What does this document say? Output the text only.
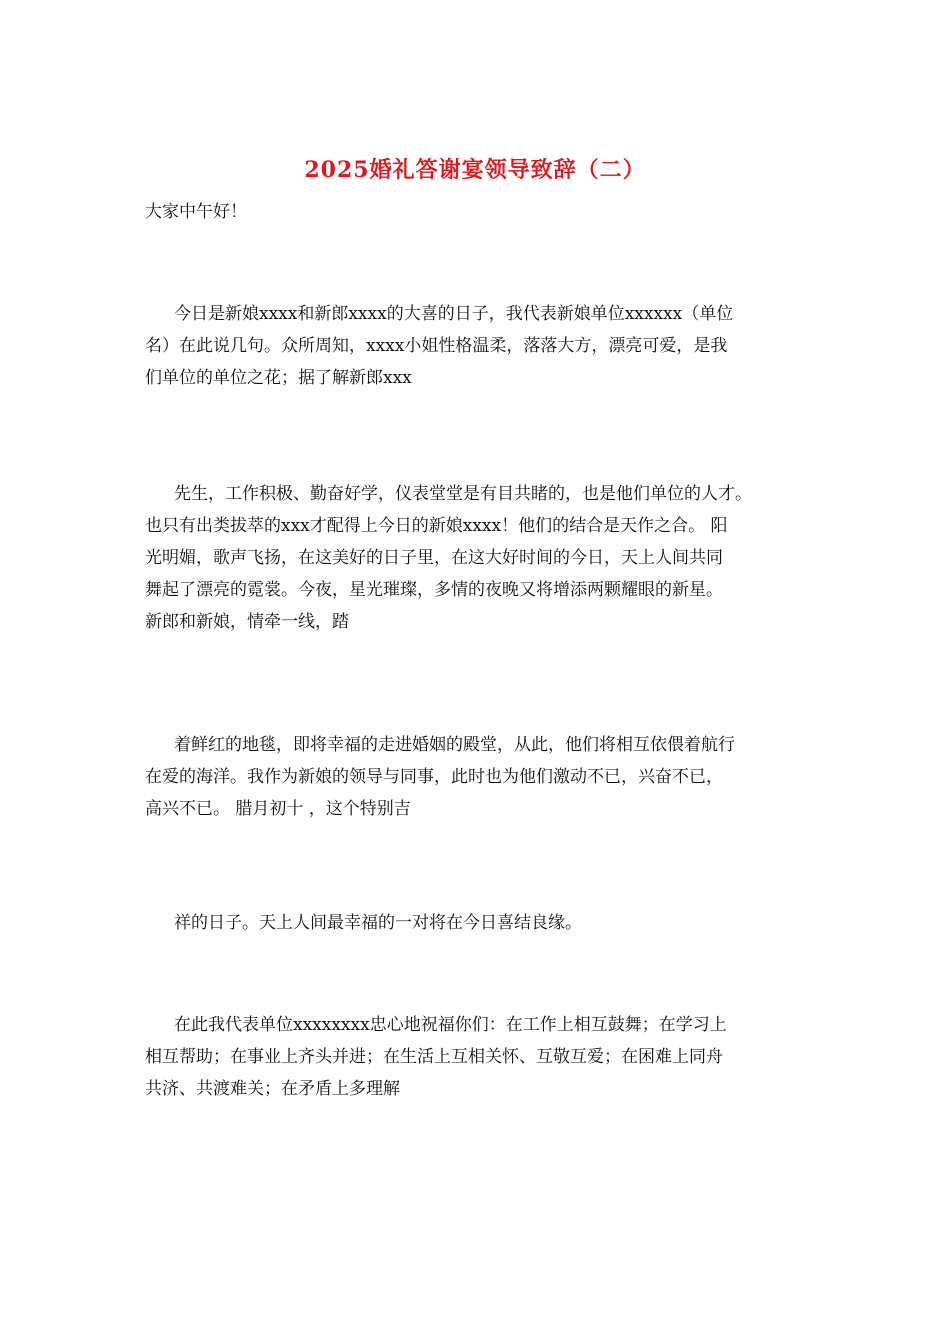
2025婚礼答谢宴领导致辞（二）
大家中午好！
今日是新娘xxxx和新郎xxxx的大喜的日子，我代表新娘单位xxxxxx（单位
名）在此说几句。众所周知，xxxx小姐性格温柔，落落大方，漂亮可爱，是我
们单位的单位之花；据了解新郎xxx
先生，工作积极、勤奋好学，仪表堂堂是有目共睹的，也是他们单位的人才。
也只有出类拔萃的xxx才配得上今日的新娘xxxx！他们的结合是天作之合。 阳
光明媚，歌声飞扬，在这美好的日子里，在这大好时间的今日，天上人间共同
舞起了漂亮的霓裳。今夜，星光璀璨，多情的夜晚又将增添两颗耀眼的新星。
新郎和新娘，情牵一线，踏
着鲜红的地毯，即将幸福的走进婚姻的殿堂，从此，他们将相互依偎着航行
在爱的海洋。我作为新娘的领导与同事，此时也为他们激动不已，兴奋不已，
高兴不已。 腊月初十 ，这个特别吉
祥的日子。天上人间最幸福的一对将在今日喜结良缘。
在此我代表单位xxxxxxxx忠心地祝福你们：在工作上相互鼓舞；在学习上
相互帮助；在事业上齐头并进；在生活上互相关怀、互敬互爱；在困难上同舟
共济、共渡难关；在矛盾上多理解
